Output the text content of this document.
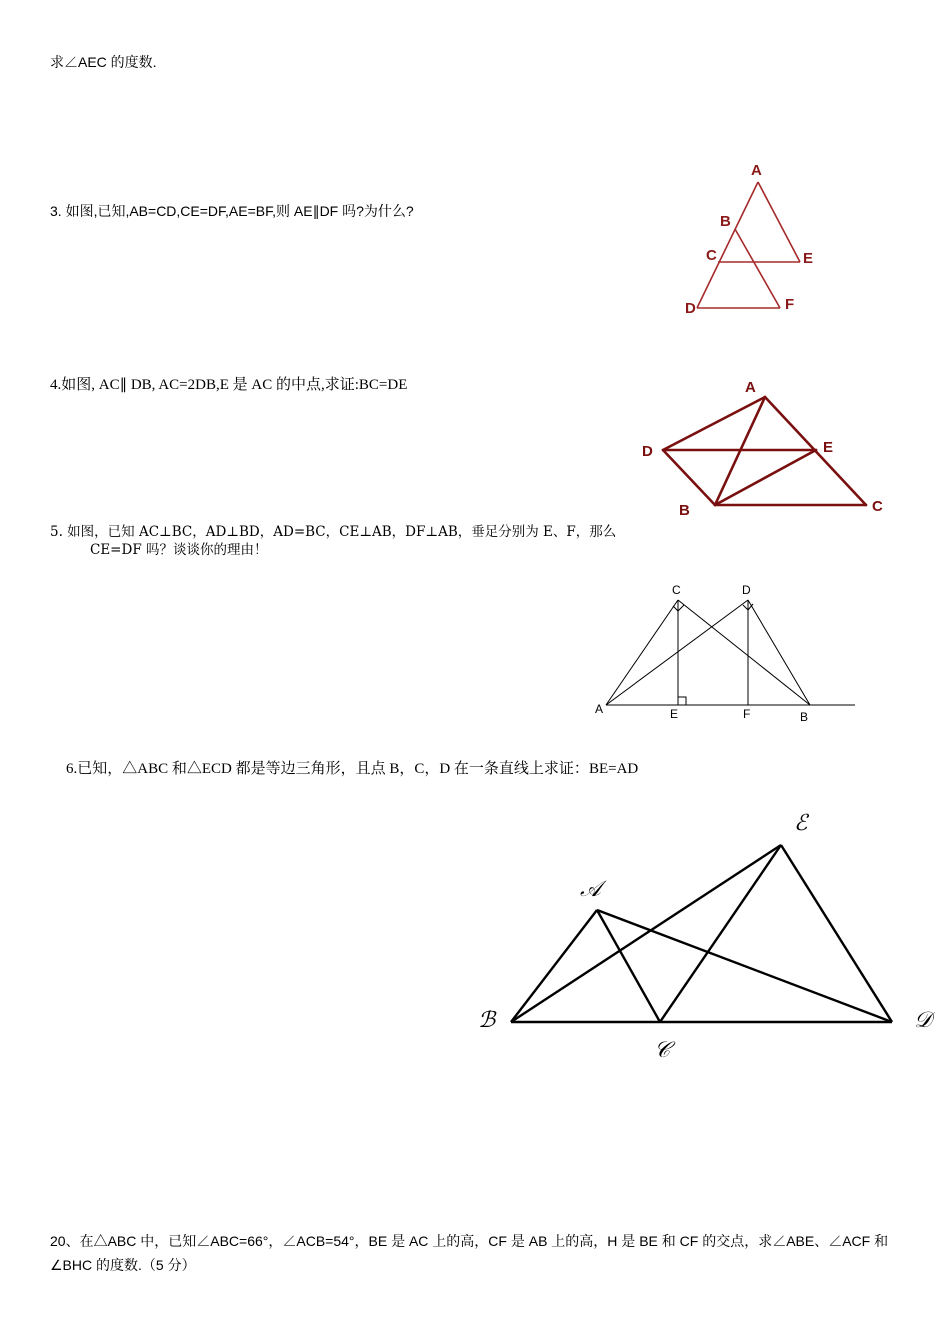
求∠AEC 的度数.
3. 如图,已知,AB=CD,CE=DF,AE=BF,则 AE∥DF 吗?为什么?
4.如图, AC∥ DB, AC=2DB,E 是 AC 的中点,求证:BC=DE
5. 如图，已知 AC⊥BC，AD⊥BD，AD=BC，CE⊥AB，DF⊥AB，垂足分别为 E、F，那么
CE=DF 吗？谈谈你的理由！
6.已知，△ABC 和△ECD 都是等边三角形，且点 B，C，D 在一条直线上求证：BE=AD
20、在△ABC 中，已知∠ABC=66°，∠ACB=54°，BE 是 AC 上的高，CF 是 AB 上的高，H 是 BE 和 CF 的交点，求∠ABE、∠ACF 和
∠BHC 的度数.（5 分）
A
B
C	E
D	F
A
D	E
B	C
C	D
A	E	F	B
ℰ
𝒜
ℬ
𝒞
𝒟
